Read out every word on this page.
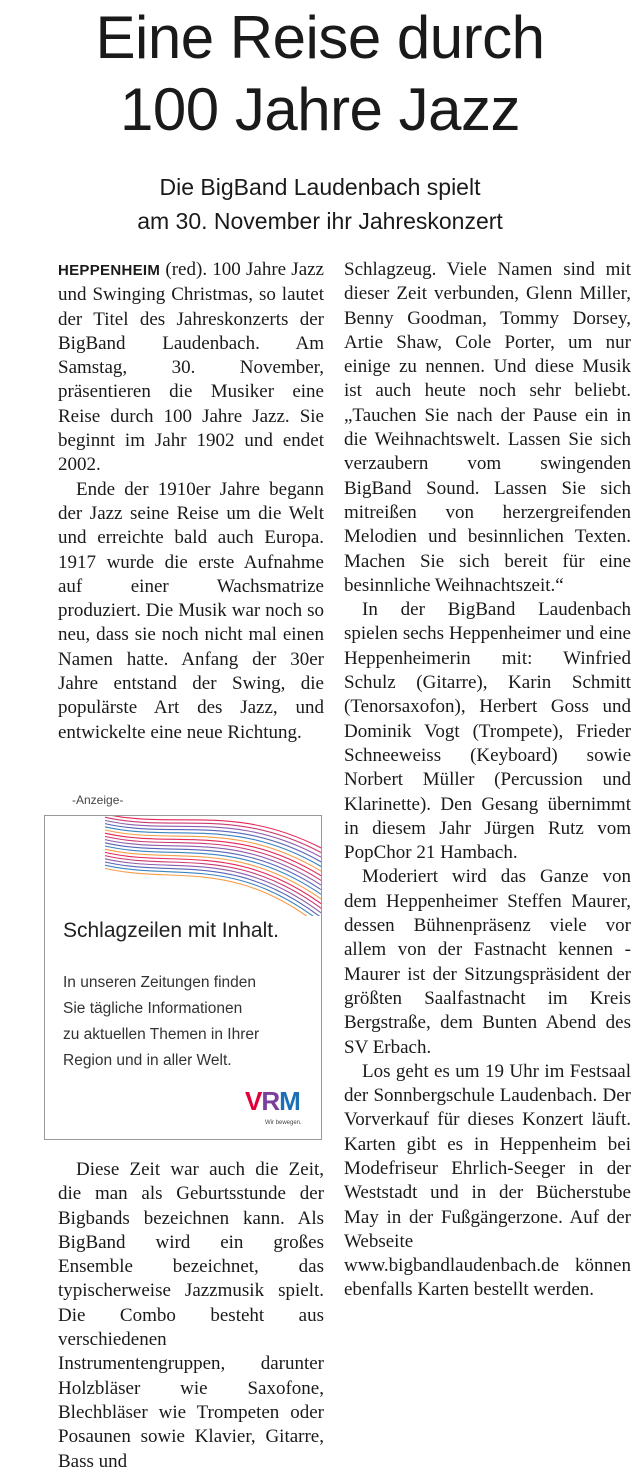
Eine Reise durch
100 Jahre Jazz
Die BigBand Laudenbach spielt
am 30. November ihr Jahreskonzert

HEPPENHEIM (red). 100 Jahre Jazz und Swinging Christmas, so lautet der Titel des Jahreskonzerts der BigBand Laudenbach. Am Samstag, 30. November, präsentieren die Musiker eine Reise durch 100 Jahre Jazz. Sie beginnt im Jahr 1902 und endet 2002.

Ende der 1910er Jahre begann der Jazz seine Reise um die Welt und erreichte bald auch Europa. 1917 wurde die erste Aufnahme auf einer Wachsmatrize produziert. Die Musik war noch so neu, dass sie noch nicht mal einen Namen hatte. Anfang der 30er Jahre entstand der Swing, die populärste Art des Jazz, und entwickelte eine neue Richtung.

-Anzeige-
Schlagzeilen mit Inhalt.
In unseren Zeitungen finden
Sie tägliche Informationen
zu aktuellen Themen in Ihrer
Region und in aller Welt.
VRM
Wir bewegen.

Diese Zeit war auch die Zeit, die man als Geburtsstunde der Bigbands bezeichnen kann. Als BigBand wird ein großes Ensemble bezeichnet, das typischerweise Jazzmusik spielt. Die Combo besteht aus verschiedenen Instrumentengruppen, darunter Holzbläser wie Saxofone, Blechbläser wie Trompeten oder Posaunen sowie Klavier, Gitarre, Bass und

Schlagzeug. Viele Namen sind mit dieser Zeit verbunden, Glenn Miller, Benny Goodman, Tommy Dorsey, Artie Shaw, Cole Porter, um nur einige zu nennen. Und diese Musik ist auch heute noch sehr beliebt. „Tauchen Sie nach der Pause ein in die Weihnachtswelt. Lassen Sie sich verzaubern vom swingenden BigBand Sound. Lassen Sie sich mitreißen von herzergreifenden Melodien und besinnlichen Texten. Machen Sie sich bereit für eine besinnliche Weihnachtszeit.“

In der BigBand Laudenbach spielen sechs Heppenheimer und eine Heppenheimerin mit: Winfried Schulz (Gitarre), Karin Schmitt (Tenorsaxofon), Herbert Goss und Dominik Vogt (Trompete), Frieder Schneeweiss (Keyboard) sowie Norbert Müller (Percussion und Klarinette). Den Gesang übernimmt in diesem Jahr Jürgen Rutz vom PopChor 21 Hambach.

Moderiert wird das Ganze von dem Heppenheimer Steffen Maurer, dessen Bühnenpräsenz viele vor allem von der Fastnacht kennen - Maurer ist der Sitzungspräsident der größten Saalfastnacht im Kreis Bergstraße, dem Bunten Abend des SV Erbach.

Los geht es um 19 Uhr im Festsaal der Sonnbergschule Laudenbach. Der Vorverkauf für dieses Konzert läuft. Karten gibt es in Heppenheim bei Modefriseur Ehrlich-Seeger in der Weststadt und in der Bücherstube May in der Fußgängerzone. Auf der Webseite www.bigbandlaudenbach.de können ebenfalls Karten bestellt werden.
